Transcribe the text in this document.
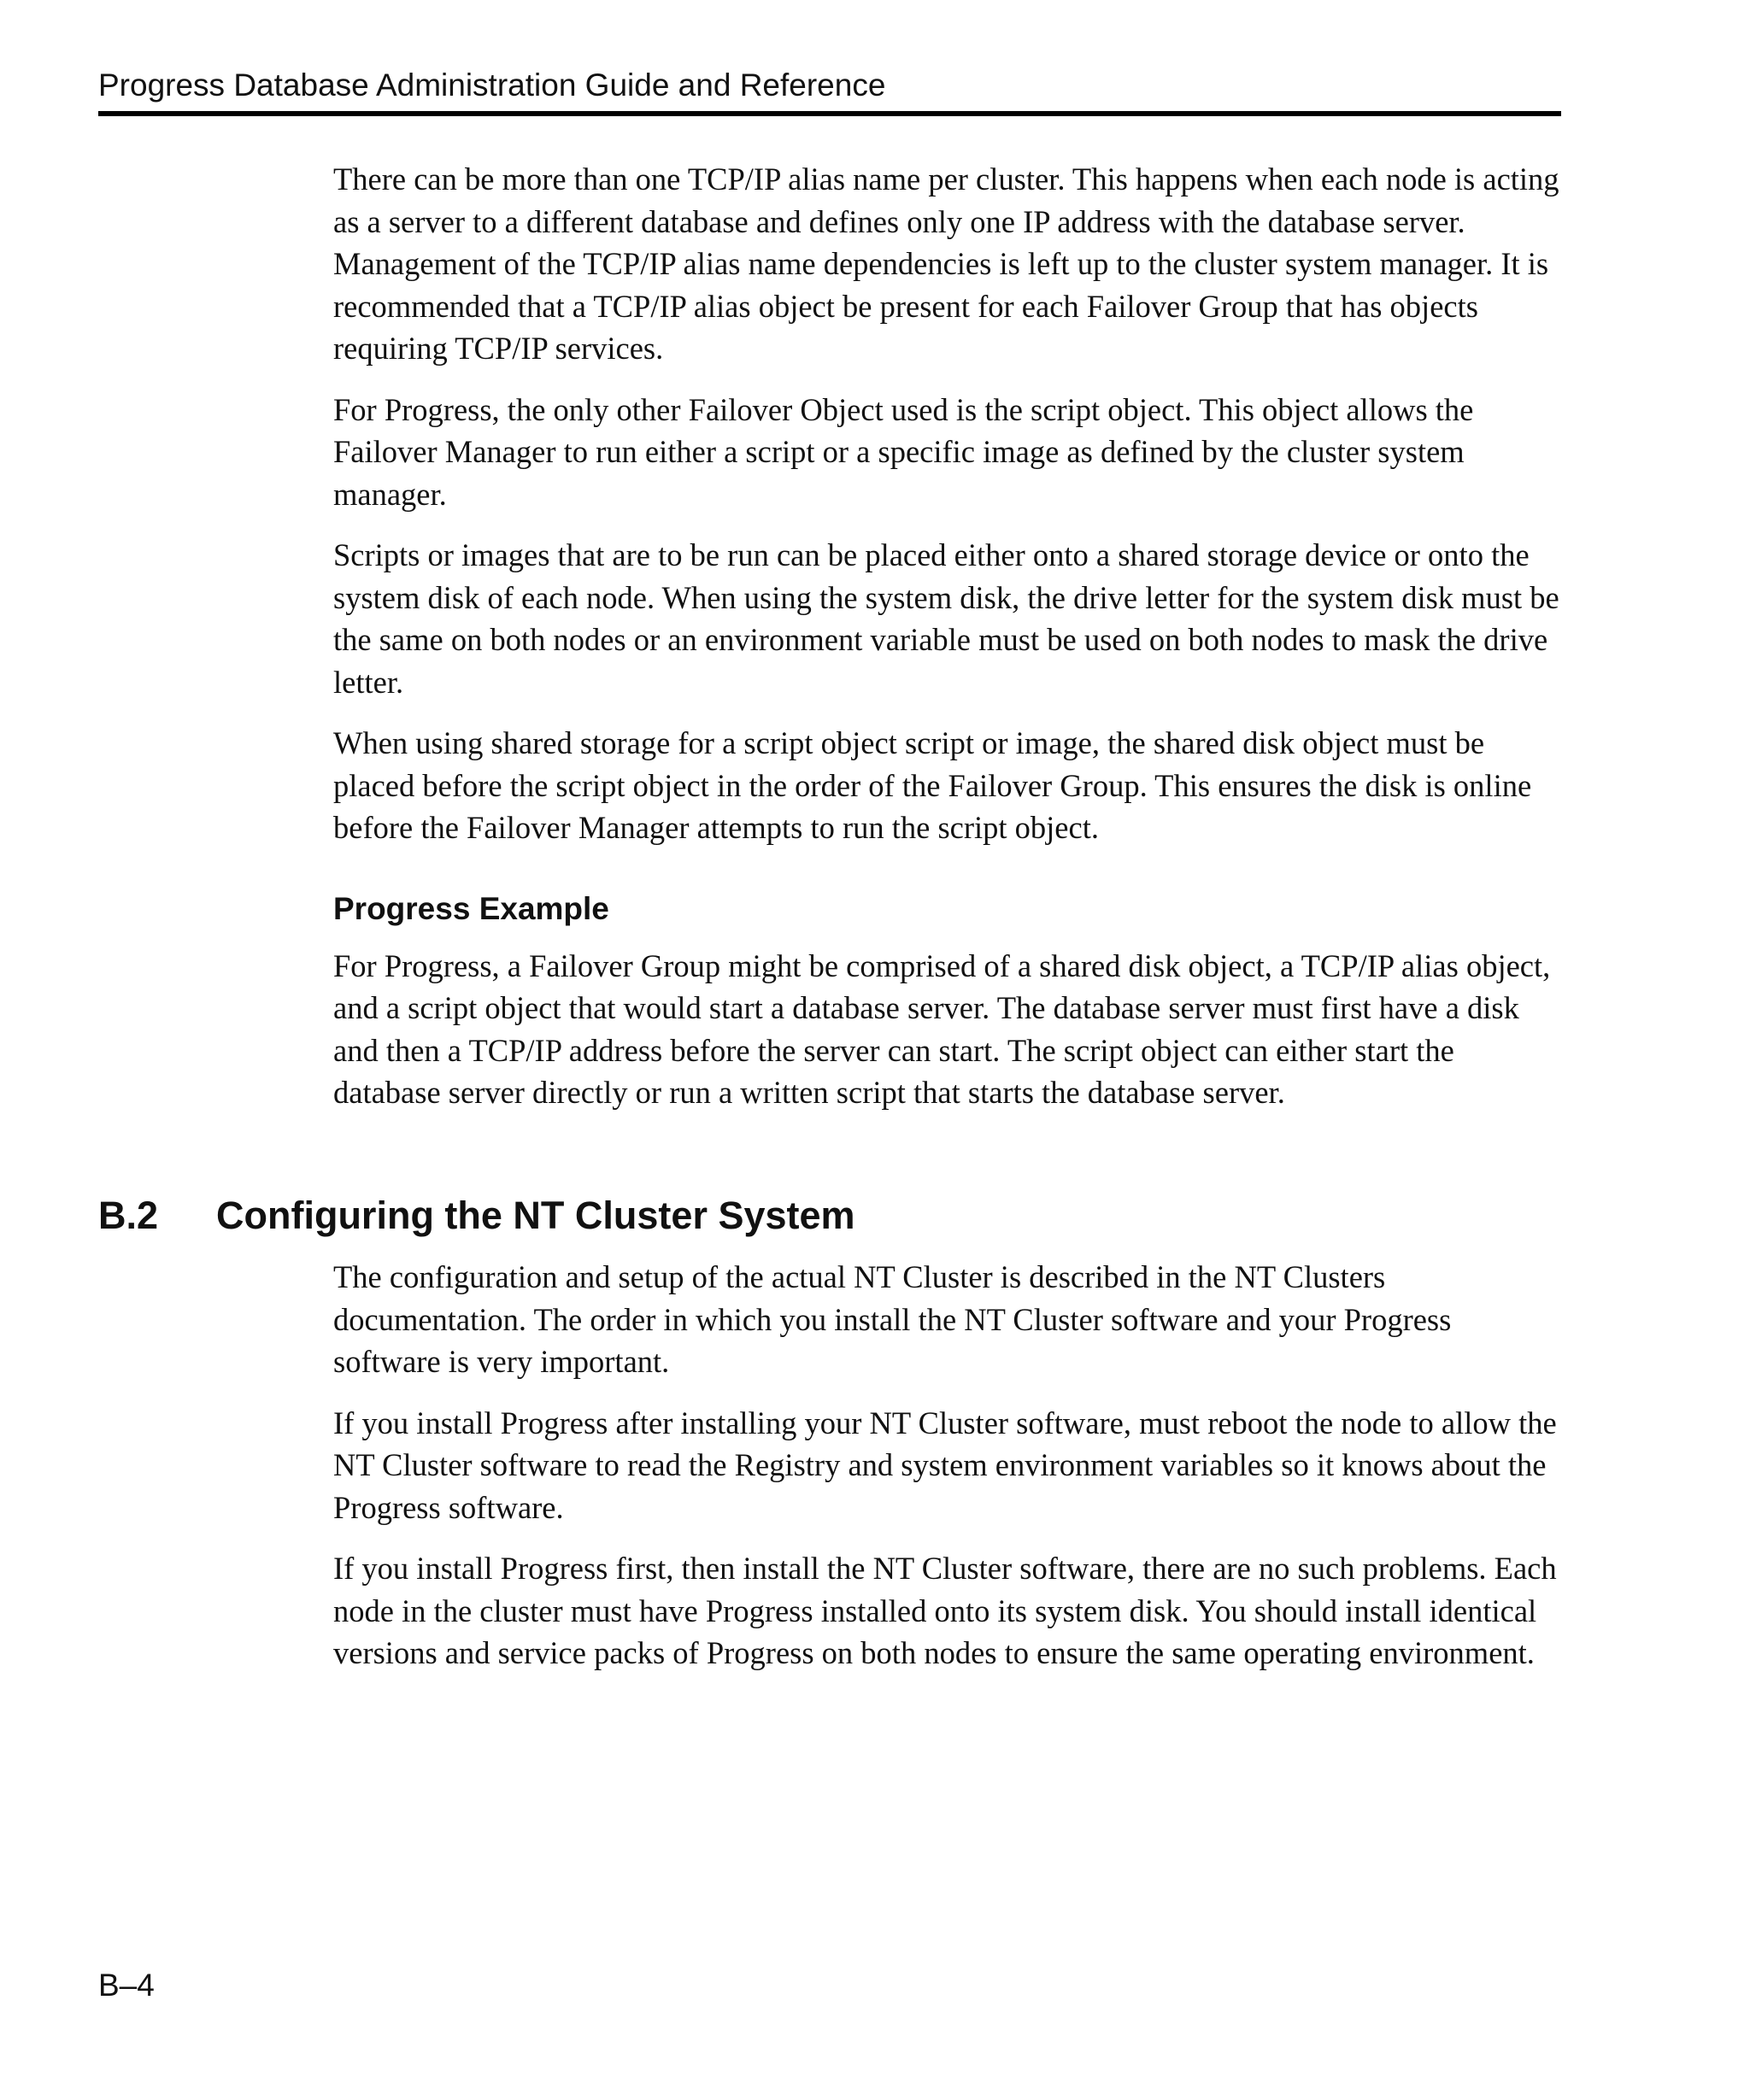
Progress Database Administration Guide and Reference

There can be more than one TCP/IP alias name per cluster. This happens when each node is acting as a server to a different database and defines only one IP address with the database server. Management of the TCP/IP alias name dependencies is left up to the cluster system manager. It is recommended that a TCP/IP alias object be present for each Failover Group that has objects requiring TCP/IP services.

For Progress, the only other Failover Object used is the script object. This object allows the Failover Manager to run either a script or a specific image as defined by the cluster system manager.

Scripts or images that are to be run can be placed either onto a shared storage device or onto the system disk of each node. When using the system disk, the drive letter for the system disk must be the same on both nodes or an environment variable must be used on both nodes to mask the drive letter.

When using shared storage for a script object script or image, the shared disk object must be placed before the script object in the order of the Failover Group. This ensures the disk is online before the Failover Manager attempts to run the script object.

Progress Example

For Progress, a Failover Group might be comprised of a shared disk object, a TCP/IP alias object, and a script object that would start a database server. The database server must first have a disk and then a TCP/IP address before the server can start. The script object can either start the database server directly or run a written script that starts the database server.

B.2 Configuring the NT Cluster System

The configuration and setup of the actual NT Cluster is described in the NT Clusters documentation. The order in which you install the NT Cluster software and your Progress software is very important.

If you install Progress after installing your NT Cluster software, must reboot the node to allow the NT Cluster software to read the Registry and system environment variables so it knows about the Progress software.

If you install Progress first, then install the NT Cluster software, there are no such problems. Each node in the cluster must have Progress installed onto its system disk. You should install identical versions and service packs of Progress on both nodes to ensure the same operating environment.

B–4
